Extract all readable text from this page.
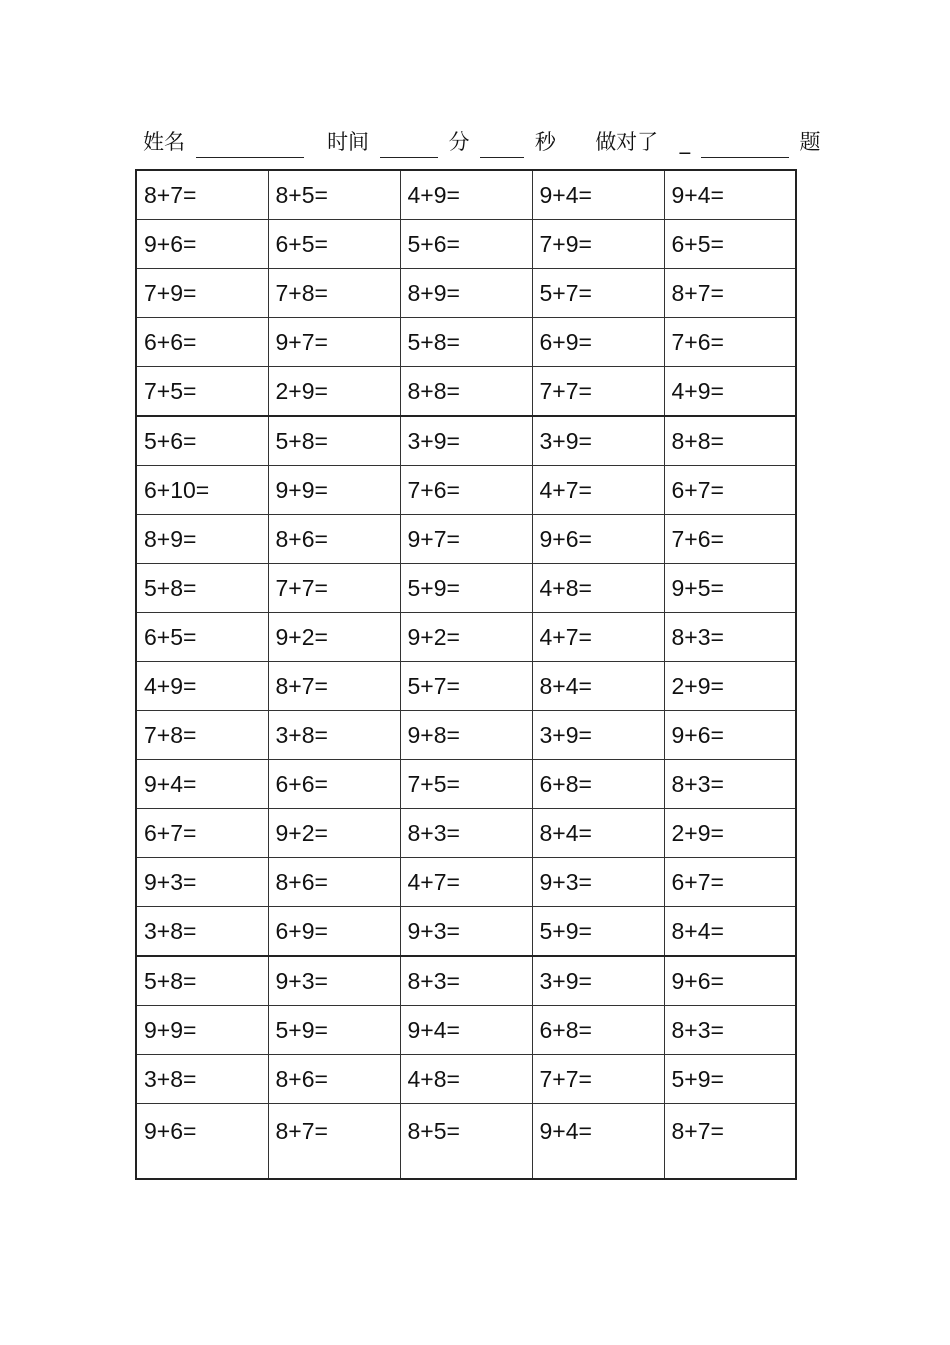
姓名	时间	分	秒 做对了 _	题
8+7=	8+5=	4+9=	9+4=	9+4=
9+6=	6+5=	5+6=	7+9=	6+5=
7+9=	7+8=	8+9=	5+7=	8+7=
6+6=	9+7=	5+8=	6+9=	7+6=
7+5=	2+9=	8+8=	7+7=	4+9=
5+6=	5+8=	3+9=	3+9=	8+8=
6+10=	9+9=	7+6=	4+7=	6+7=
8+9=	8+6=	9+7=	9+6=	7+6=
5+8=	7+7=	5+9=	4+8=	9+5=
6+5=	9+2=	9+2=	4+7=	8+3=
4+9=	8+7=	5+7=	8+4=	2+9=
7+8=	3+8=	9+8=	3+9=	9+6=
9+4=	6+6=	7+5=	6+8=	8+3=
6+7=	9+2=	8+3=	8+4=	2+9=
9+3=	8+6=	4+7=	9+3=	6+7=
3+8=	6+9=	9+3=	5+9=	8+4=
5+8=	9+3=	8+3=	3+9=	9+6=
9+9=	5+9=	9+4=	6+8=	8+3=
3+8=	8+6=	4+8=	7+7=	5+9=
9+6=	8+7=	8+5=	9+4=	8+7=
